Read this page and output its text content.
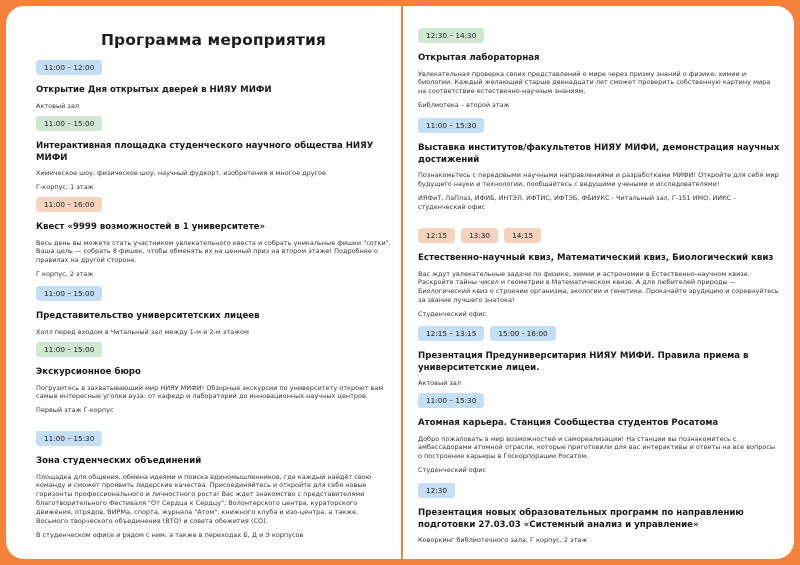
Программа мероприятия
11:00 – 12:00
Открытие Дня открытых дверей в НИЯУ МИФИ
Актовый зал
11:00 – 15:00
Интерактивная площадка студенческого научного общества НИЯУ МИФИ
Химическое шоу, физическое шоу, научный фудкорт, изобретения и многое другое
Г-корпус, 1 этаж
11:00 – 16:00
Квест «9999 возможностей в 1 университете»
Весь день вы можете стать участником увлекательного квеста и собрать уникальные фишки "сотки". Ваша цель — собрать 8 фишек, чтобы обменять их на ценный приз на втором этаже! Подробнее о правилах на другой стороне.
Г корпус, 2 этаж
11:00 – 15:00
Представительство университетских лицеев
Холл перед входом в Читальный зал между 1-м и 2-м этажом
11:00 – 15:00
Экскурсионное бюро
Погрузитесь в захватывающий мир НИЯУ МИФИ! Обзорные экскурсии по университету откроют вам самые интересные уголки вуза: от кафедр и лабораторий до инновационных научных центров.
Первый этаж Г-корпус
11:00 – 15:30
Зона студенческих объединений
Площадка для общения, обмена идеями и поиска единомышленников, где каждый найдёт свою команду и сможет проявить лидерские качества. Присоединяйтесь и откройте для себя новые горизонты профессионального и личностного роста! Вас ждет знакомство с представителями благотворительного Фестиваля "От Сердца к Сердцу", Волонтерского центра, кураторского движения, отрядов, ВИРМа, спорта, журнала "Атом", книжного клуба и изо-центра, а также, Восьмого творческого объединения (ВТО) и совета обежития (СО).
В студенческом офисе и рядом с ним, а также в переходах Б, Д и Э корпусов
12:30 – 14:30
Открытая лабораторная
Увлекательная проверка своих представлений о мире через призму знаний о физике, химии и биологии. Каждый желающий старше двенадцати лет сможет проверить собственную картину мира на соответствие естественно-научным знаниям.
Библиотека – второй этаж
11:00 – 15:30
Выставка институтов/факультетов НИЯУ МИФИ, демонстрация научных достижений
Познакомьтесь с передовыми научными направлениями и разработками МИФИ! Откройте для себя мир будущего науки и технологии, пообщайтесь с ведущими учеными и исследователями!
ИЯФиТ, ЛаПлаз, ИФИБ, ИНТЭЛ, ИФТИС, ИФТЭБ, ФБИУКС - Читальный зал, Г-151 ИМО, ИИКС - студенческий офис
12:15	13:30	14:15
Естественно-научный квиз, Математический квиз, Биологический квиз
Вас ждут увлекательные задачи по физике, химии и астрономии в Естественно-научном квизе. Раскройте тайны чисел и геометрии в Математическом квизе. А для любителей природы — Биологический квиз о строении организма, экологии и генетике. Прокачайте эрудицию и соревнуйтесь за звание лучшего знатока!
Студенческий офис
12:15 – 13:15	15:00 - 16:00
Презентация Предуниверситария НИЯУ МИФИ. Правила приема в университетские лицеи.
Актовый зал
11:00 – 15:30
Атомная карьера. Станция Сообщества студентов Росатома
Добро пожаловать в мир возможностей и самореализации! На станции вы познакомитесь с амбассадорами атомной отрасли, которые приготовили для вас интерактивы и ответы на все вопросы о построение карьеры в Госкорпорации Росатом.
Студенческий офис
12:30
Презентация новых образовательных программ по направлению подготовки 27.03.03 «Системный анализ и управление»
Коворкинг библиотечного зала, Г корпус, 2 этаж
